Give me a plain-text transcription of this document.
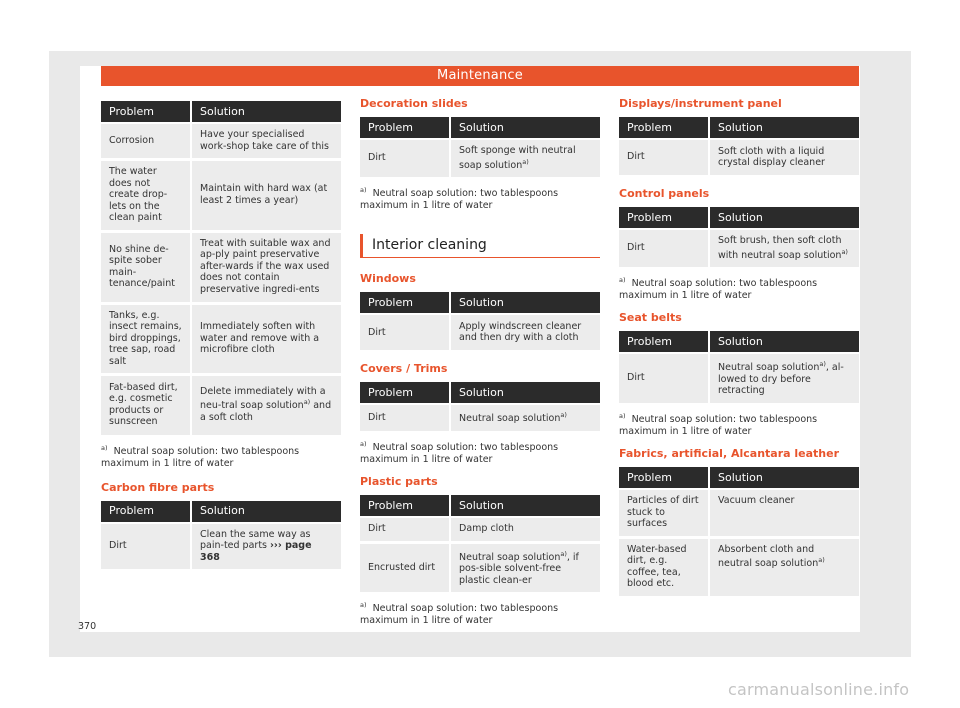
Maintenance
Problem	Solution
Corrosion	Have your specialised work-shop take care of this
The water does not create drop-lets on the clean paint	Maintain with hard wax (at least 2 times a year)
No shine de-spite sober main-tenance/paint	Treat with suitable wax and ap-ply paint preservative after-wards if the wax used does not contain preservative ingredi-ents
Tanks, e.g. insect remains, bird droppings, tree sap, road salt	Immediately soften with water and remove with a microfibre cloth
Fat-based dirt, e.g. cosmetic products or sunscreen	Delete immediately with a neu-tral soap solution$^{a)}$ and a soft cloth

$^{a)}$ Neutral soap solution: two tablespoons maximum in 1 litre of water

Carbon fibre parts
Problem	Solution
Dirt	Clean the same way as pain-ted parts ››› page 368
Decoration slides
Problem	Solution
Dirt	Soft sponge with neutral soap solution$^{a)}$

$^{a)}$ Neutral soap solution: two tablespoons maximum in 1 litre of water

Interior cleaning
Windows
Problem	Solution
Dirt	Apply windscreen cleaner and then dry with a cloth
Covers / Trims
Problem	Solution
Dirt	Neutral soap solution$^{a)}$

$^{a)}$ Neutral soap solution: two tablespoons maximum in 1 litre of water

Plastic parts
Problem	Solution
Dirt	Damp cloth
Encrusted dirt	Neutral soap solution$^{a)}$, if pos-sible solvent-free plastic clean-er

$^{a)}$ Neutral soap solution: two tablespoons maximum in 1 litre of water

Displays/instrument panel
Problem	Solution
Dirt	Soft cloth with a liquid crystal display cleaner
Control panels
Problem	Solution
Dirt	Soft brush, then soft cloth with neutral soap solution$^{a)}$

$^{a)}$ Neutral soap solution: two tablespoons maximum in 1 litre of water

Seat belts
Problem	Solution
Dirt	Neutral soap solution$^{a)}$, al-lowed to dry before retracting

$^{a)}$ Neutral soap solution: two tablespoons maximum in 1 litre of water

Fabrics, artificial, Alcantara leather
Problem	Solution
Particles of dirt stuck to surfaces	Vacuum cleaner
Water-based dirt, e.g. coffee, tea, blood etc.	Absorbent cloth and neutral soap solution$^{a)}$
370
carmanualsonline.info
